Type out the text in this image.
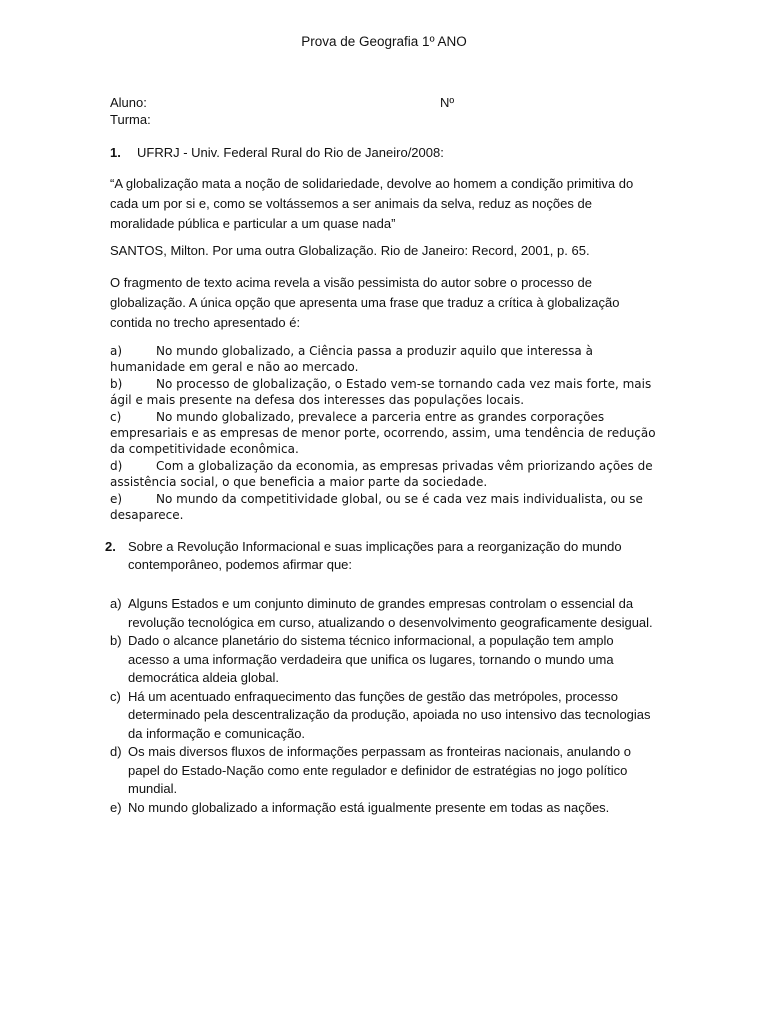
Prova de Geografia 1º ANO
Aluno:	Nº
Turma:
1. UFRRJ - Univ. Federal Rural do Rio de Janeiro/2008:
“A globalização mata a noção de solidariedade, devolve ao homem a condição primitiva do cada um por si e, como se voltássemos a ser animais da selva, reduz as noções de moralidade pública e particular a um quase nada”
SANTOS, Milton. Por uma outra Globalização. Rio de Janeiro: Record, 2001, p. 65.
O fragmento de texto acima revela a visão pessimista do autor sobre o processo de globalização. A única opção que apresenta uma frase que traduz a crítica à globalização contida no trecho apresentado é:

a)	No mundo globalizado, a Ciência passa a produzir aquilo que interessa à humanidade em geral e não ao mercado.

b)	No processo de globalização, o Estado vem-se tornando cada vez mais forte, mais ágil e mais presente na defesa dos interesses das populações locais.

c)	No mundo globalizado, prevalece a parceria entre as grandes corporações empresariais e as empresas de menor porte, ocorrendo, assim, uma tendência de redução da competitividade econômica.

d)	Com a globalização da economia, as empresas privadas vêm priorizando ações de assistência social, o que beneficia a maior parte da sociedade.

e)	No mundo da competitividade global, ou se é cada vez mais individualista, ou se desaparece.

2. Sobre a Revolução Informacional e suas implicações para a reorganização do mundo contemporâneo, podemos afirmar que:

a) Alguns Estados e um conjunto diminuto de grandes empresas controlam o essencial da revolução tecnológica em curso, atualizando o desenvolvimento geograficamente desigual.

b) Dado o alcance planetário do sistema técnico informacional, a população tem amplo acesso a uma informação verdadeira que unifica os lugares, tornando o mundo uma democrática aldeia global.

c) Há um acentuado enfraquecimento das funções de gestão das metrópoles, processo determinado pela descentralização da produção, apoiada no uso intensivo das tecnologias da informação e comunicação.

d) Os mais diversos fluxos de informações perpassam as fronteiras nacionais, anulando o papel do Estado-Nação como ente regulador e definidor de estratégias no jogo político mundial.

e) No mundo globalizado a informação está igualmente presente em todas as nações.
